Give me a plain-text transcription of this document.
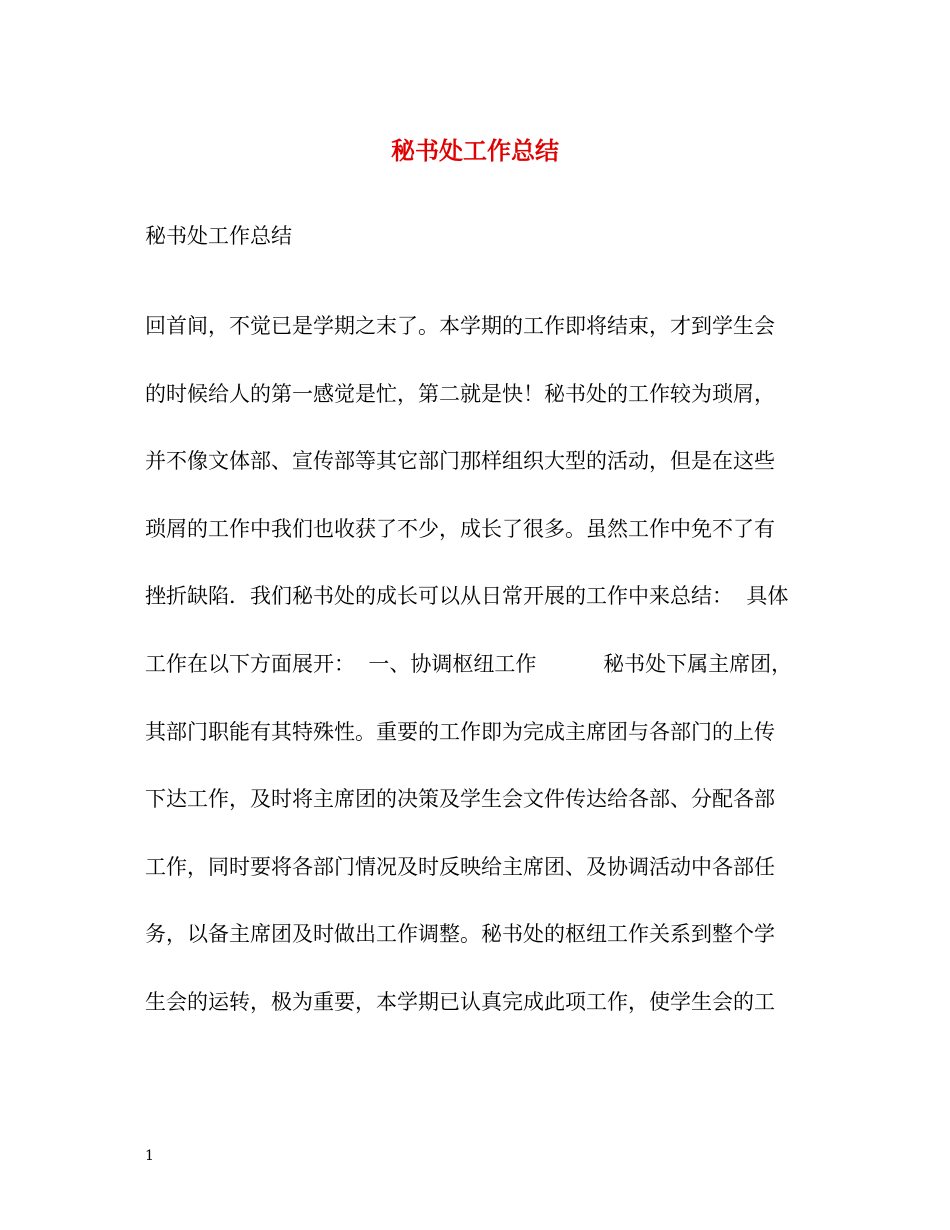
秘书处工作总结

秘书处工作总结

回首间，不觉已是学期之末了。本学期的工作即将结束，才到学生会
的时候给人的第一感觉是忙，第二就是快！秘书处的工作较为琐屑，
并不像文体部、宣传部等其它部门那样组织大型的活动，但是在这些
琐屑的工作中我们也收获了不少，成长了很多。虽然工作中免不了有
挫折缺陷．我们秘书处的成长可以从日常开展的工作中来总结：  具体
工作在以下方面展开：  一、协调枢纽工作          秘书处下属主席团，
其部门职能有其特殊性。重要的工作即为完成主席团与各部门的上传
下达工作，及时将主席团的决策及学生会文件传达给各部、分配各部
工作，同时要将各部门情况及时反映给主席团、及协调活动中各部任
务，以备主席团及时做出工作调整。秘书处的枢纽工作关系到整个学
生会的运转，极为重要，本学期已认真完成此项工作，使学生会的工
1
